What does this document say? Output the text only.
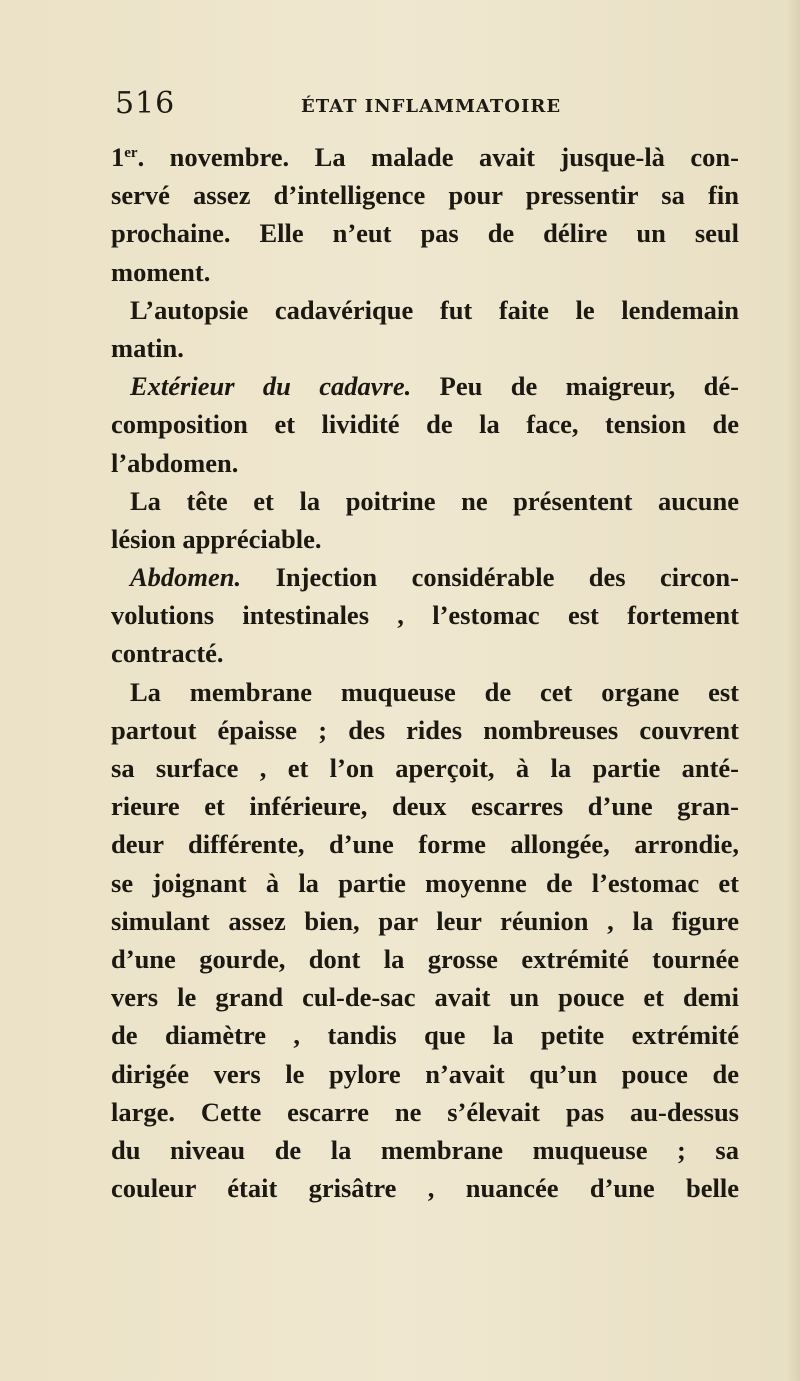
516	ÉTAT INFLAMMATOIRE
1er. novembre. La malade avait jusque-là con-
servé assez d’intelligence pour pressentir sa fin
prochaine. Elle n’eut pas de délire un seul
moment.
L’autopsie cadavérique fut faite le lendemain
matin.
Extérieur du cadavre. Peu de maigreur, dé-
composition et lividité de la face, tension de
l’abdomen.
La tête et la poitrine ne présentent aucune
lésion appréciable.
Abdomen. Injection considérable des circon-
volutions intestinales , l’estomac est fortement
contracté.
La membrane muqueuse de cet organe est
partout épaisse ; des rides nombreuses couvrent
sa surface , et l’on aperçoit, à la partie anté-
rieure et inférieure, deux escarres d’une gran-
deur différente, d’une forme allongée, arrondie,
se joignant à la partie moyenne de l’estomac et
simulant assez bien, par leur réunion , la figure
d’une gourde, dont la grosse extrémité tournée
vers le grand cul-de-sac avait un pouce et demi
de diamètre , tandis que la petite extrémité
dirigée vers le pylore n’avait qu’un pouce de
large. Cette escarre ne s’élevait pas au-dessus
du niveau de la membrane muqueuse ; sa
couleur était grisâtre , nuancée d’une belle
